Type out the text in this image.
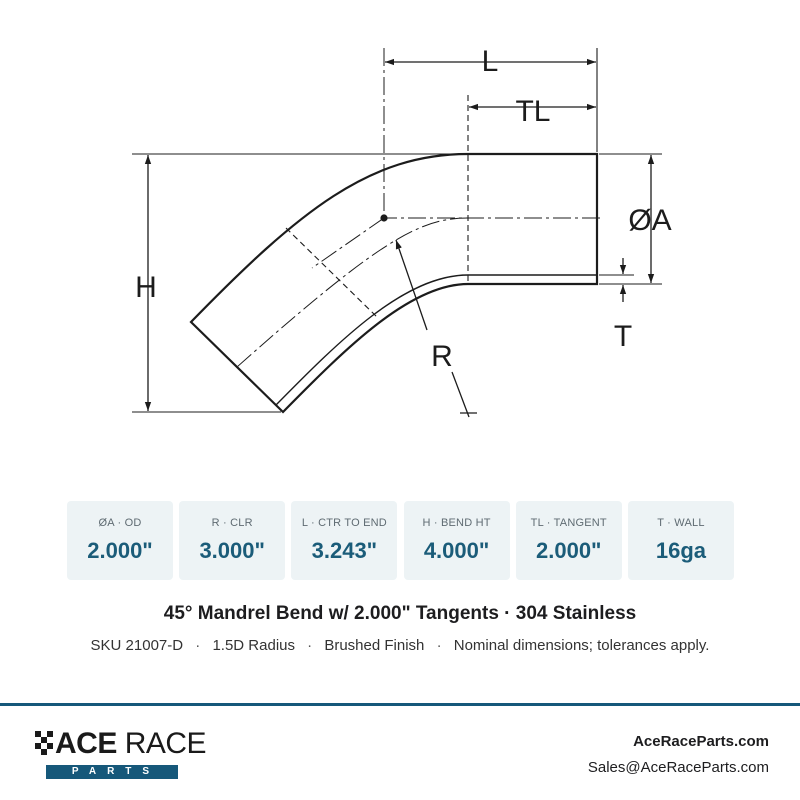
L
TL
ØA
H
R
T
ØA · OD
2.000"
R · CLR
3.000"
L · CTR TO END
3.243"
H · BEND HT
4.000"
TL · TANGENT
2.000"
T · WALL
16ga
45° Mandrel Bend w/ 2.000" Tangents · 304 Stainless
SKU 21007-D · 1.5D Radius · Brushed Finish · Nominal dimensions; tolerances apply.
ACE RACE
PARTS
AceRaceParts.com
Sales@AceRaceParts.com
